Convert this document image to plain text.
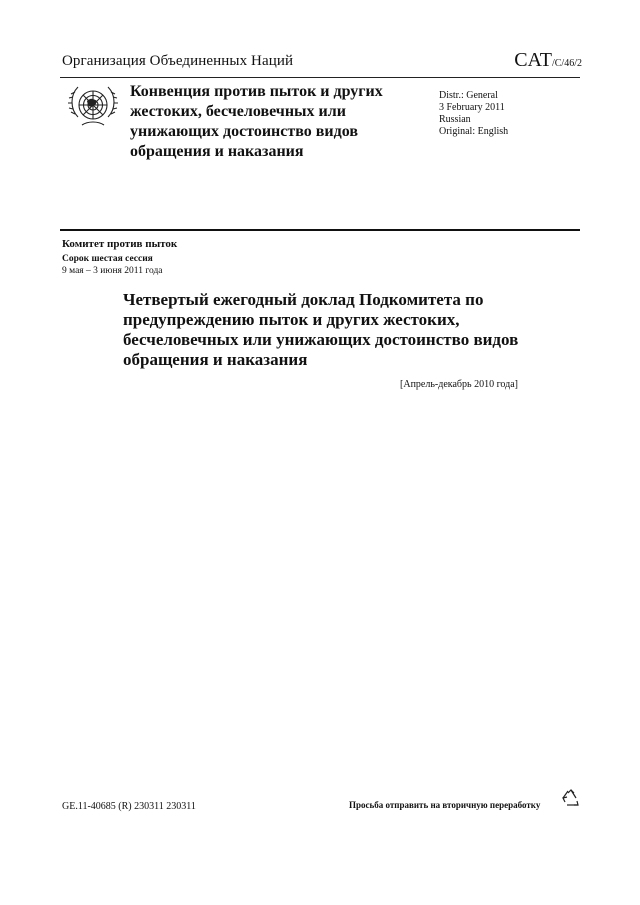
Организация Объединенных Наций	CAT/C/46/2
Конвенция против пыток и других жестоких, бесчеловечных или унижающих достоинство видов обращения и наказания
Distr.: General
3 February 2011
Russian
Original: English
Комитет против пыток
Сорок шестая сессия
9 мая – 3 июня 2011 года
Четвертый ежегодный доклад Подкомитета по предупреждению пыток и других жестоких, бесчеловечных или унижающих достоинство видов обращения и наказания
[Апрель-декабрь 2010 года]
GE.11-40685 (R) 230311 230311	Просьба отправить на вторичную переработку
